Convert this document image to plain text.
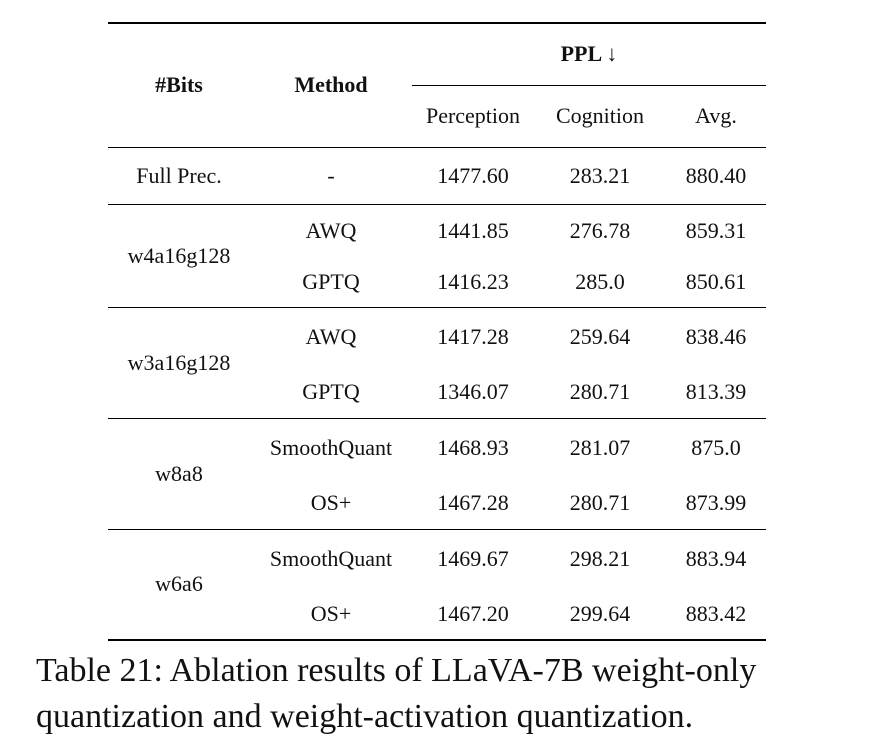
#Bits	Method	PPL ↓		
		Perception	Cognition	Avg.
Full Prec.	-	1477.60	283.21	880.40
w4a16g128	AWQ	1441.85	276.78	859.31
	GPTQ	1416.23	285.0	850.61
w3a16g128	AWQ	1417.28	259.64	838.46
	GPTQ	1346.07	280.71	813.39
w8a8	SmoothQuant	1468.93	281.07	875.0
	OS+	1467.28	280.71	873.99
w6a6	SmoothQuant	1469.67	298.21	883.94
	OS+	1467.20	299.64	883.42
Table 21: Ablation results of LLaVA-7B weight-only quantization and weight-activation quantization.
